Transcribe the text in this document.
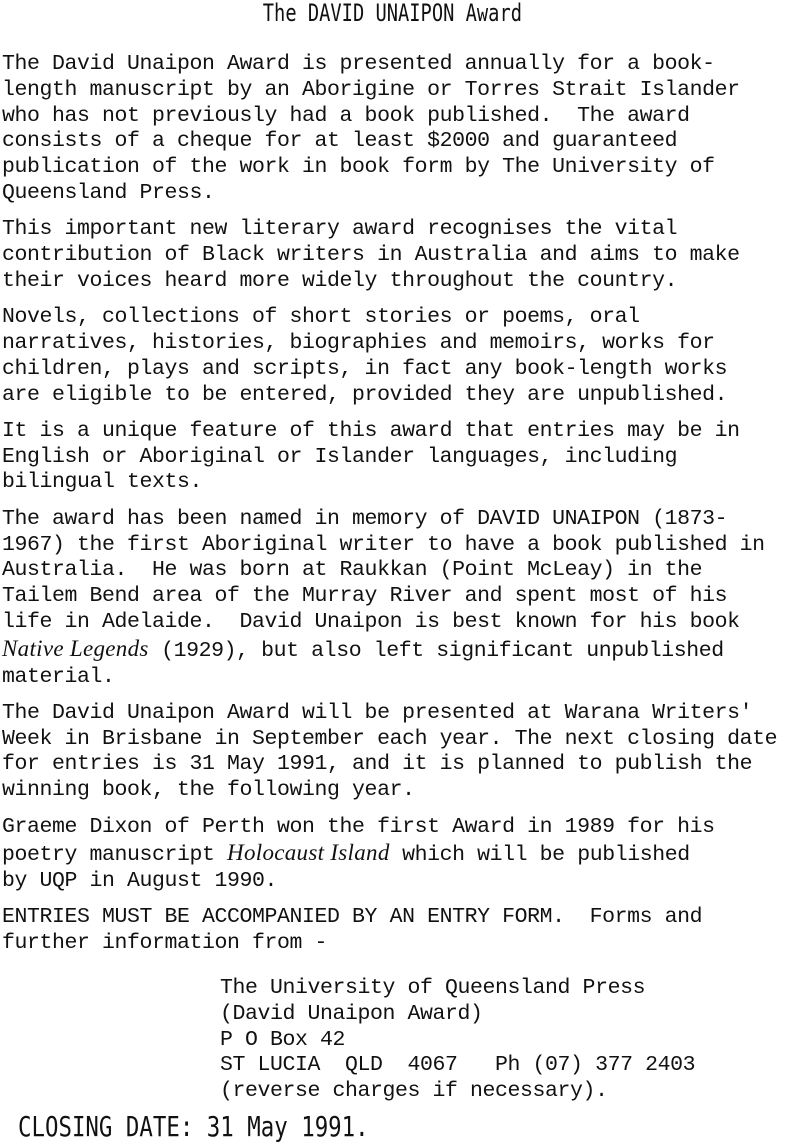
The DAVID UNAIPON Award
The David Unaipon Award is presented annually for a book-
length manuscript by an Aborigine or Torres Strait Islander
who has not previously had a book published.  The award
consists of a cheque for at least $2000 and guaranteed
publication of the work in book form by The University of
Queensland Press.
This important new literary award recognises the vital
contribution of Black writers in Australia and aims to make
their voices heard more widely throughout the country.
Novels, collections of short stories or poems, oral
narratives, histories, biographies and memoirs, works for
children, plays and scripts, in fact any book-length works
are eligible to be entered, provided they are unpublished.
It is a unique feature of this award that entries may be in
English or Aboriginal or Islander languages, including
bilingual texts.
The award has been named in memory of DAVID UNAIPON (1873-
1967) the first Aboriginal writer to have a book published in
Australia.  He was born at Raukkan (Point McLeay) in the
Tailem Bend area of the Murray River and spent most of his
life in Adelaide.  David Unaipon is best known for his book
Native Legends (1929), but also left significant unpublished
material.
The David Unaipon Award will be presented at Warana Writers'
Week in Brisbane in September each year. The next closing date
for entries is 31 May 1991, and it is planned to publish the
winning book, the following year.
Graeme Dixon of Perth won the first Award in 1989 for his
poetry manuscript Holocaust Island which will be published
by UQP in August 1990.
ENTRIES MUST BE ACCOMPANIED BY AN ENTRY FORM.  Forms and
further information from -
The University of Queensland Press
(David Unaipon Award)
P O Box 42
ST LUCIA  QLD  4067   Ph (07) 377 2403
(reverse charges if necessary).
CLOSING DATE: 31 May 1991.
